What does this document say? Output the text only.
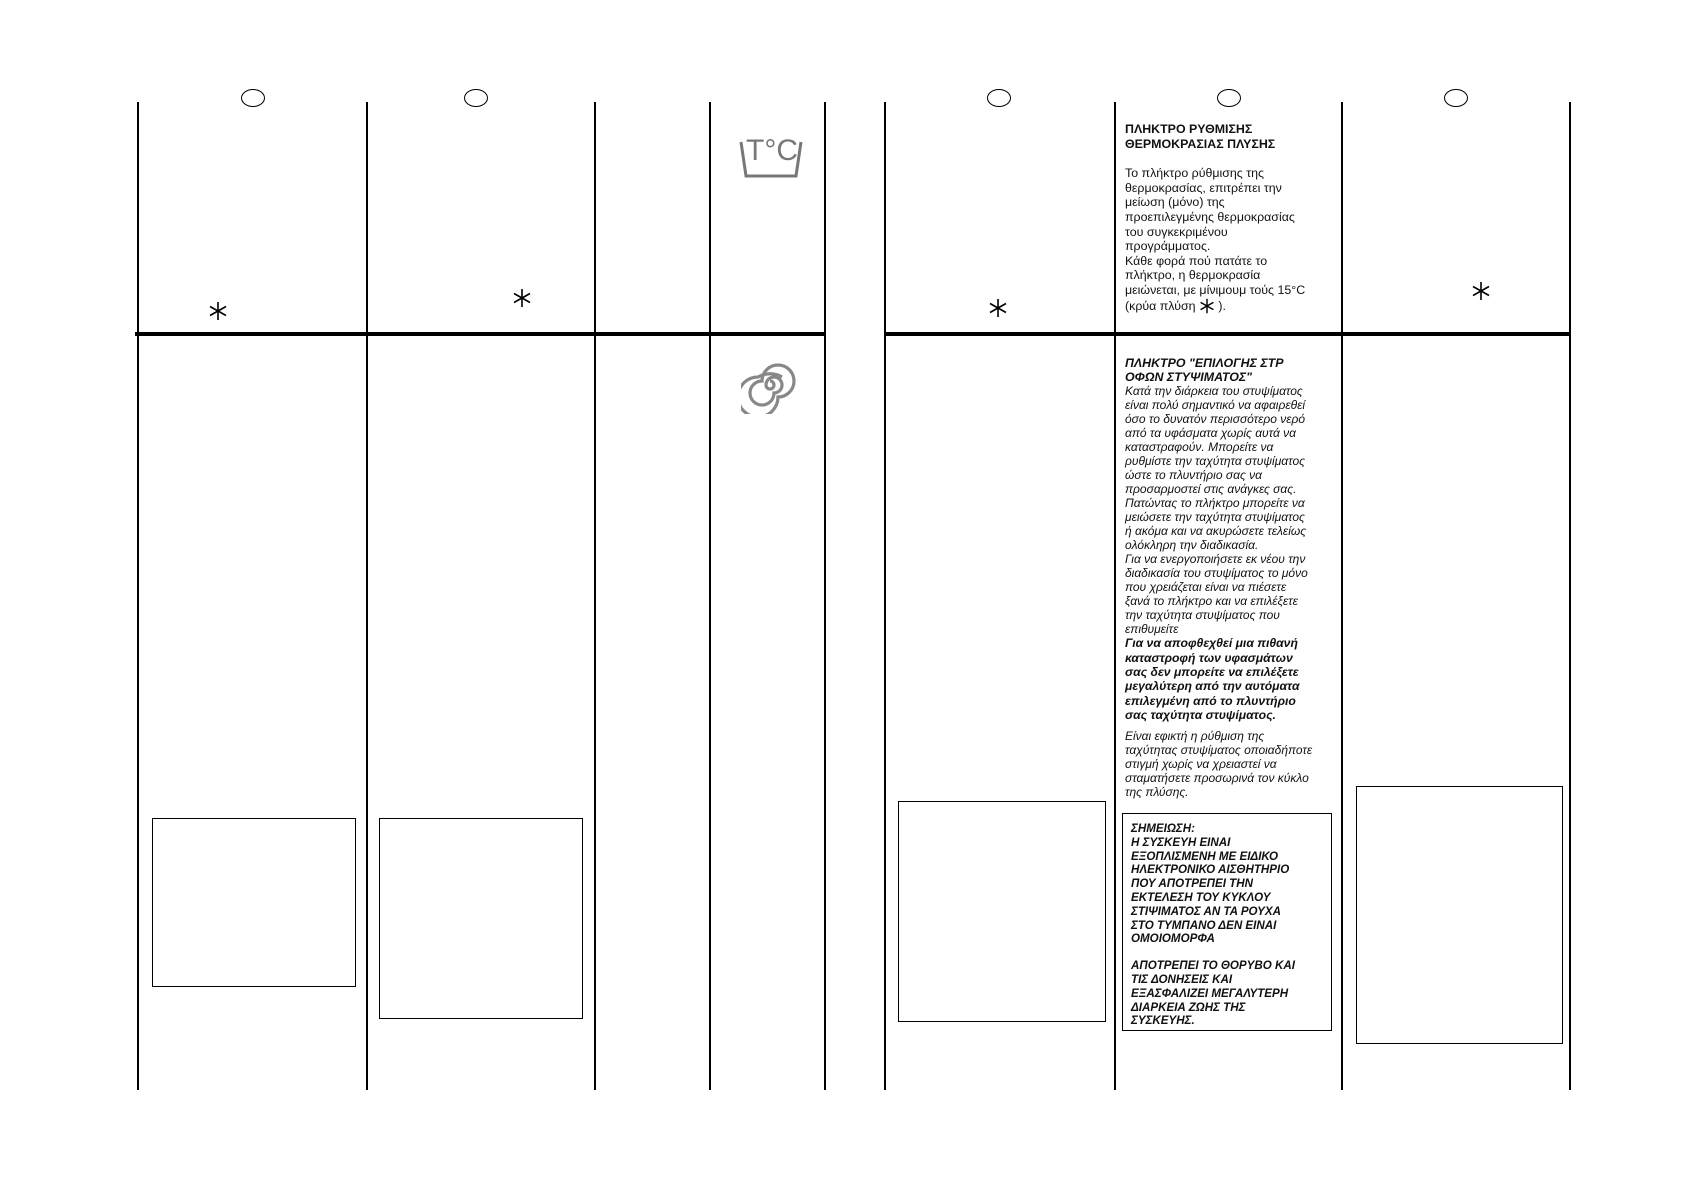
T°C
ΠΛΗΚΤΡΟ ΡΥΘΜΙΣΗΣ
ΘΕΡΜΟΚΡΑΣΙΑΣ ΠΛΥΣΗΣ
Το πλήκτρο ρύθμισης της
θερμοκρασίας, επιτρέπει την
μείωση (μόνο) της
προεπιλεγμένης θερμοκρασίας
του συγκεκριμένου
προγράμματος.
Κάθε φορά πού πατάτε το
πλήκτρο, η θερμοκρασία
μειώνεται, με μίνιμουμ τούς 15°C
(κρύα πλύση ).
ΠΛΗΚΤΡΟ "ΕΠΙΛΟΓΗΣ ΣΤΡ
ΟΦΩΝ ΣΤΥΨΙΜΑΤΟΣ"
Κατά την διάρκεια του στυψίματος
είναι πολύ σημαντικό να αφαιρεθεί
όσο το δυνατόν περισσότερο νερό
από τα υφάσματα χωρίς αυτά να
καταστραφούν. Μπορείτε να
ρυθμίστε την ταχύτητα στυψίματος
ώστε το πλυντήριο σας να
προσαρμοστεί στις ανάγκες σας.
Πατώντας το πλήκτρο μπορείτε να
μειώσετε την ταχύτητα στυψίματος
ή ακόμα και να ακυρώσετε τελείως
ολόκληρη την διαδικασία.
Για να ενεργοποιήσετε εκ νέου την
διαδικασία του στυψίματος το μόνο
που χρειάζεται είναι να πιέσετε
ξανά το πλήκτρο και να επιλέξετε
την ταχύτητα στυψίματος που
επιθυμείτε
Για να αποφθεχθεί μια πιθανή
καταστροφή των υφασμάτων
σας δεν μπορείτε να επιλέξετε
μεγαλύτερη από την αυτόματα
επιλεγμένη από το πλυντήριο
σας ταχύτητα στυψίματος.
Είναι εφικτή η ρύθμιση της
ταχύτητας στυψίματος οποιαδήποτε
στιγμή χωρίς να χρειαστεί να
σταματήσετε προσωρινά τον κύκλο
της πλύσης.
ΣΗΜΕΙΩΣΗ:
Η ΣΥΣΚΕΥΗ ΕΙΝΑΙ
ΕΞΟΠΛΙΣΜΕΝΗ ΜΕ ΕΙΔΙΚΟ
ΗΛΕΚΤΡΟΝΙΚΟ ΑΙΣΘΗΤΗΡΙΟ
ΠΟΥ ΑΠΟΤΡΕΠΕΙ ΤΗΝ
ΕΚΤΕΛΕΣΗ ΤΟΥ ΚΥΚΛΟΥ
ΣΤΙΨΙΜΑΤΟΣ ΑΝ ΤΑ ΡΟΥΧΑ
ΣΤΟ ΤΥΜΠΑΝΟ ΔΕΝ ΕΙΝΑΙ
ΟΜΟΙΟΜΟΡΦΑ
ΑΠΟΤΡΕΠΕΙ ΤΟ ΘΟΡΥΒΟ ΚΑΙ
ΤΙΣ ΔΟΝΗΣΕΙΣ ΚΑΙ
ΕΞΑΣΦΑΛΙΖΕΙ ΜΕΓΑΛΥΤΕΡΗ
ΔΙΑΡΚΕΙΑ ΖΩΗΣ ΤΗΣ
ΣΥΣΚΕΥΗΣ.
